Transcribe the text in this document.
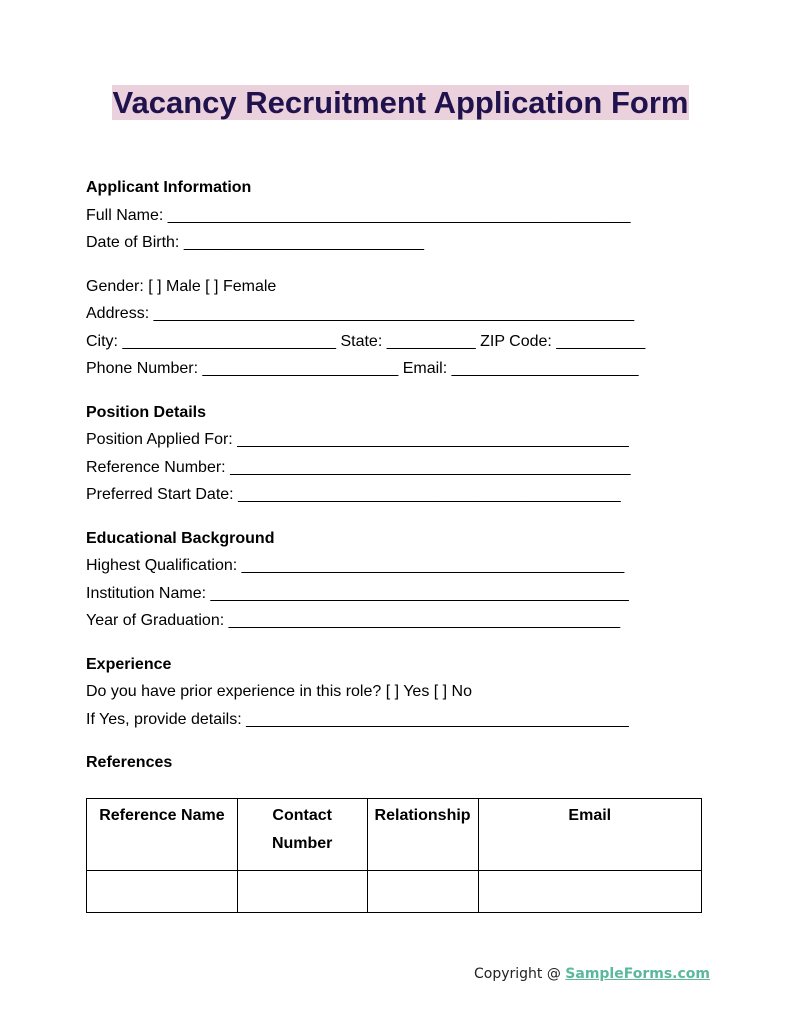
Vacancy Recruitment Application Form
Applicant Information
Full Name: ____________________________________________________
Date of Birth: ___________________________
Gender: [ ] Male [ ] Female
Address: ______________________________________________________
City: ________________________ State: __________ ZIP Code: __________
Phone Number: ______________________ Email: _____________________
Position Details
Position Applied For: ____________________________________________
Reference Number: _____________________________________________
Preferred Start Date: ___________________________________________
Educational Background
Highest Qualification: ___________________________________________
Institution Name: _______________________________________________
Year of Graduation: ____________________________________________
Experience
Do you have prior experience in this role? [ ] Yes [ ] No
If Yes, provide details: ___________________________________________
References
Reference Name	Contact Number	Relationship	Email

Copyright @ SampleForms.com
